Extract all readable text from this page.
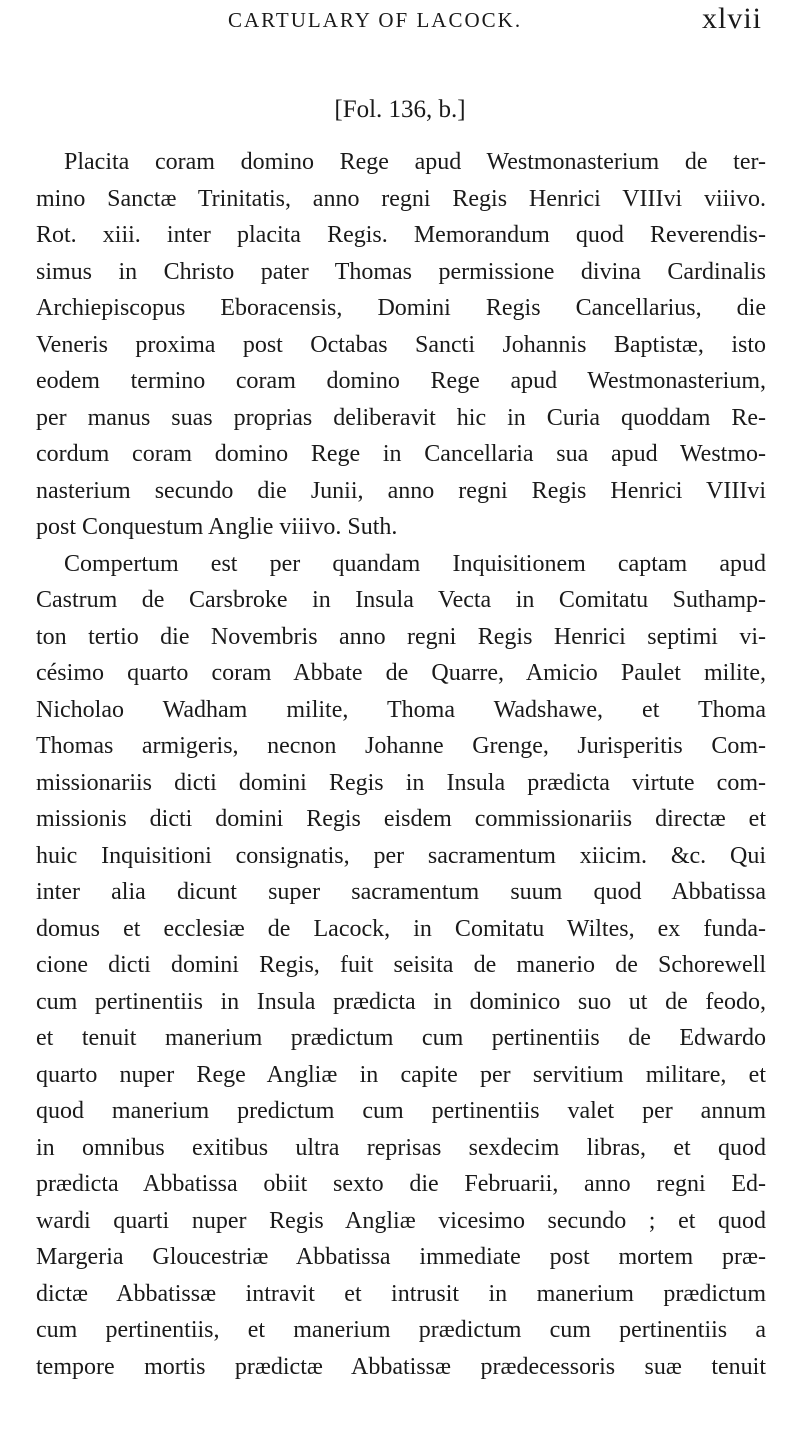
CARTULARY OF LACOCK.	xlvii
[Fol. 136, b.]
Placita coram domino Rege apud Westmonasterium de ter-
mino Sanctæ Trinitatis, anno regni Regis Henrici VIIIvi viiivo.
Rot. xiii. inter placita Regis. Memorandum quod Reverendis-
simus in Christo pater Thomas permissione divina Cardinalis
Archiepiscopus Eboracensis, Domini Regis Cancellarius, die
Veneris proxima post Octabas Sancti Johannis Baptistæ, isto
eodem termino coram domino Rege apud Westmonasterium,
per manus suas proprias deliberavit hic in Curia quoddam Re-
cordum coram domino Rege in Cancellaria sua apud Westmo-
nasterium secundo die Junii, anno regni Regis Henrici VIIIvi
post Conquestum Anglie viiivo. Suth.
Compertum est per quandam Inquisitionem captam apud
Castrum de Carsbroke in Insula Vecta in Comitatu Suthamp-
ton tertio die Novembris anno regni Regis Henrici septimi vi-
césimo quarto coram Abbate de Quarre, Amicio Paulet milite,
Nicholao Wadham milite, Thoma Wadshawe, et Thoma
Thomas armigeris, necnon Johanne Grenge, Jurisperitis Com-
missionariis dicti domini Regis in Insula prædicta virtute com-
missionis dicti domini Regis eisdem commissionariis directæ et
huic Inquisitioni consignatis, per sacramentum xiicim. &c. Qui
inter alia dicunt super sacramentum suum quod Abbatissa
domus et ecclesiæ de Lacock, in Comitatu Wiltes, ex funda-
cione dicti domini Regis, fuit seisita de manerio de Schorewell
cum pertinentiis in Insula prædicta in dominico suo ut de feodo,
et tenuit manerium prædictum cum pertinentiis de Edwardo
quarto nuper Rege Angliæ in capite per servitium militare, et
quod manerium predictum cum pertinentiis valet per annum
in omnibus exitibus ultra reprisas sexdecim libras, et quod
prædicta Abbatissa obiit sexto die Februarii, anno regni Ed-
wardi quarti nuper Regis Angliæ vicesimo secundo ; et quod
Margeria Gloucestriæ Abbatissa immediate post mortem præ-
dictæ Abbatissæ intravit et intrusit in manerium prædictum
cum pertinentiis, et manerium prædictum cum pertinentiis a
tempore mortis prædictæ Abbatissæ prædecessoris suæ tenuit
